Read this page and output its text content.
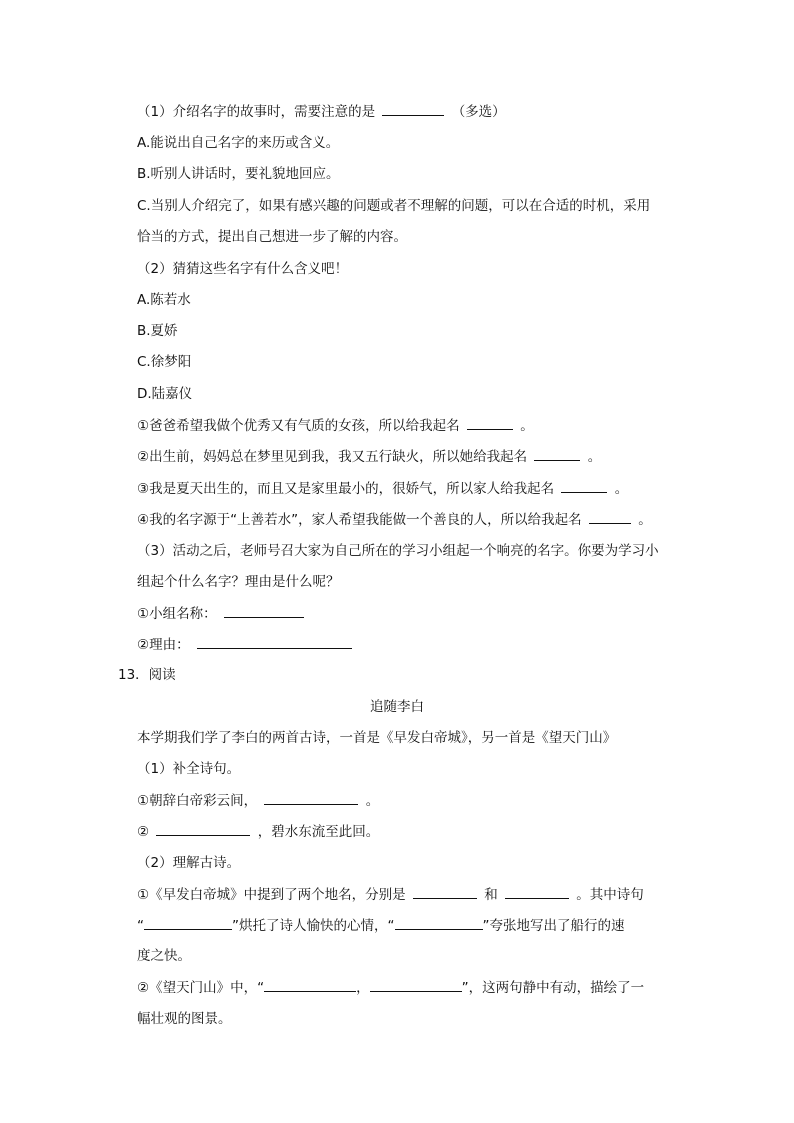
（1）介绍名字的故事时，需要注意的是	（多选）
A.能说出自己名字的来历或含义。
B.听别人讲话时，要礼貌地回应。
C.当别人介绍完了，如果有感兴趣的问题或者不理解的问题，可以在合适的时机，采用
恰当的方式，提出自己想进一步了解的内容。
（2）猜猜这些名字有什么含义吧！
A.陈若水
B.夏娇
C.徐梦阳
D.陆嘉仪
①爸爸希望我做个优秀又有气质的女孩，所以给我起名	。
②出生前，妈妈总在梦里见到我，我又五行缺火，所以她给我起名	。
③我是夏天出生的，而且又是家里最小的，很娇气，所以家人给我起名	。
④我的名字源于“上善若水”，家人希望我能做一个善良的人，所以给我起名	。
（3）活动之后，老师号召大家为自己所在的学习小组起一个响亮的名字。你要为学习小
组起个什么名字？理由是什么呢？
①小组名称：
②理由：
13．阅读
追随李白
本学期我们学了李白的两首古诗，一首是《早发白帝城》，另一首是《望天门山》
（1）补全诗句。
①朝辞白帝彩云间，	。
②	，碧水东流至此回。
（2）理解古诗。
①《早发白帝城》中提到了两个地名，分别是	和	。其中诗句
“	”烘托了诗人愉快的心情，“	”夸张地写出了船行的速
度之快。
②《望天门山》中，“	，	”，这两句静中有动，描绘了一
幅壮观的图景。
